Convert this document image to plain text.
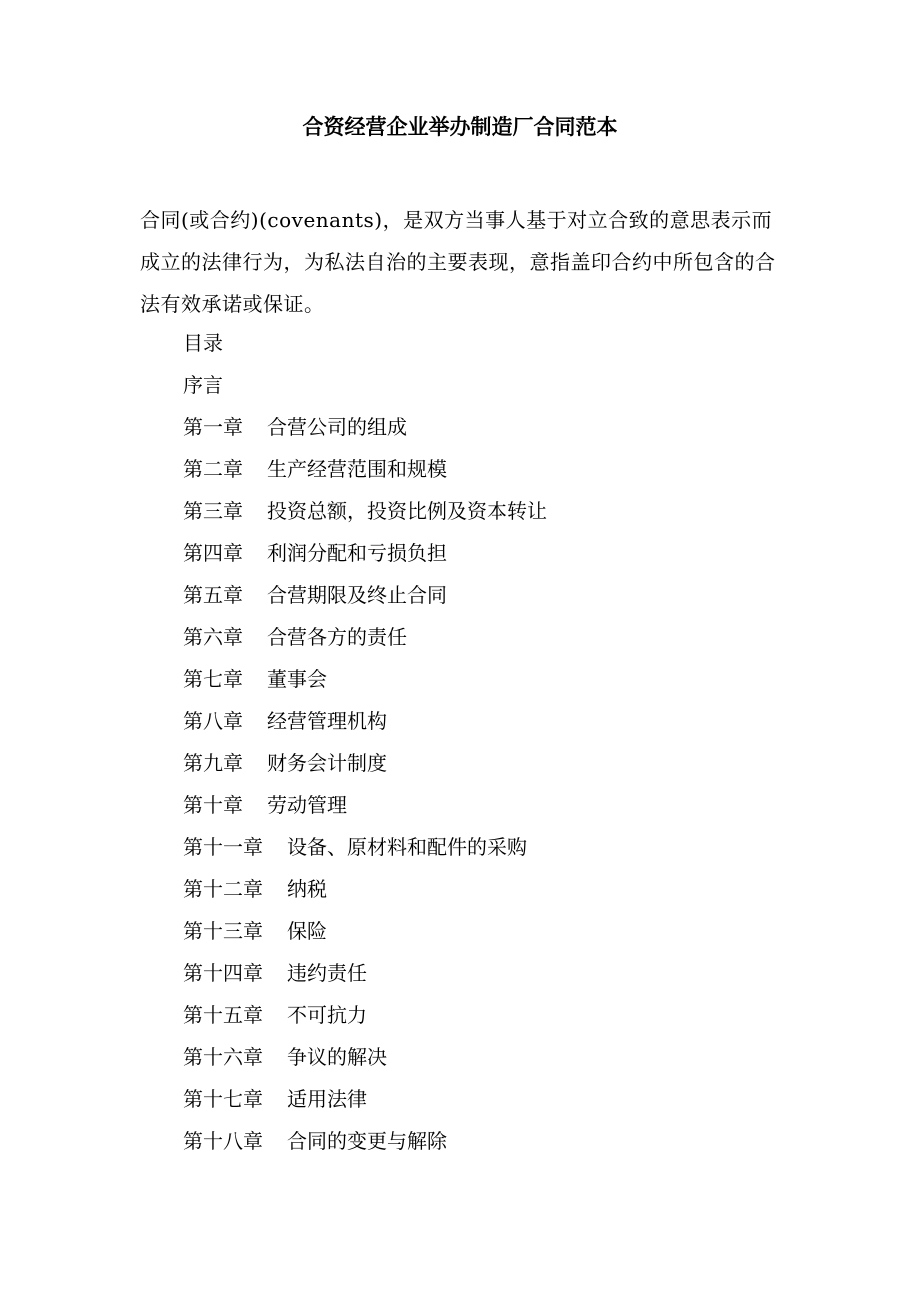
合资经营企业举办制造厂合同范本

合同(或合约)(covenants)，是双方当事人基于对立合致的意思表示而成立的法律行为，为私法自治的主要表现，意指盖印合约中所包含的合法有效承诺或保证。

目录
序言
第一章 合营公司的组成
第二章 生产经营范围和规模
第三章 投资总额，投资比例及资本转让
第四章 利润分配和亏损负担
第五章 合营期限及终止合同
第六章 合营各方的责任
第七章 董事会
第八章 经营管理机构
第九章 财务会计制度
第十章 劳动管理
第十一章 设备、原材料和配件的采购
第十二章 纳税
第十三章 保险
第十四章 违约责任
第十五章 不可抗力
第十六章 争议的解决
第十七章 适用法律
第十八章 合同的变更与解除
